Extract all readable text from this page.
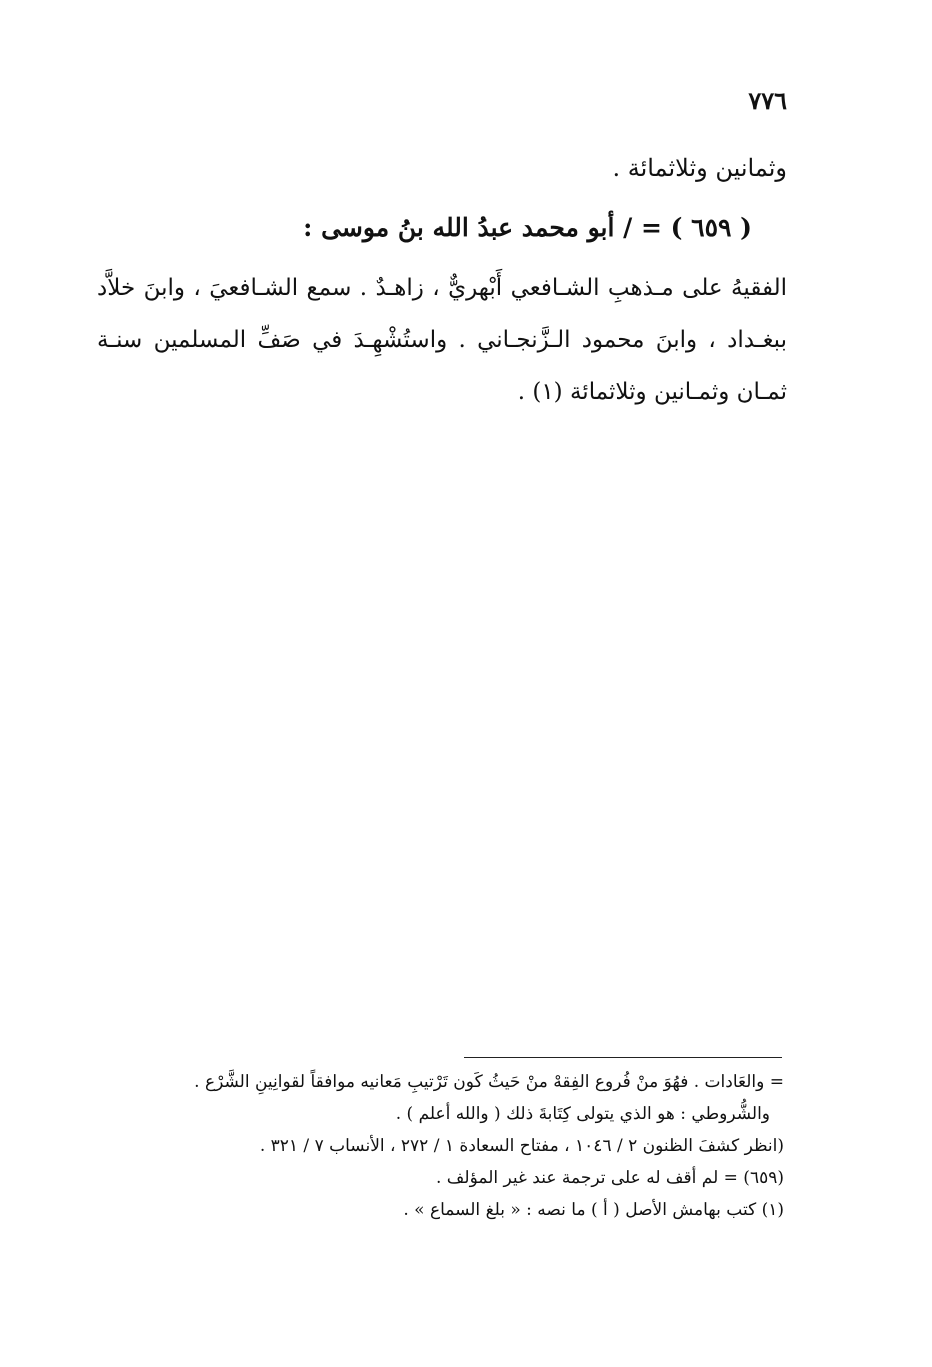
٧٧٦
وثمانين وثلاثمائة .
( ٦٥٩ ) = / أبو محمد عبدُ الله بنُ موسى :
الفقيهُ على مـذهبِ الشـافعي أَبْهريٌّ ، زاهـدٌ . سمع الشـافعيَ ، وابنَ خلاَّد ببغـداد ، وابنَ محمود الـزَّنجـاني . واستُشْهِـدَ في صَفِّ المسلمين سنـة ثمـان وثمـانين وثلاثمائة (١) .
= والعَادات . فهُوَ منْ فُروع الفِقهْ منْ حَيثُ كَون تَرْتيبِ مَعانيه موافقاً لقوانِينِ الشَّرْع .
والشُّروطي : هو الذي يتولى كِتَابةَ ذلك ( والله أعلم ) .
(انظر كشفَ الظنون ٢ / ١٠٤٦ ، مفتاح السعادة ١ / ٢٧٢ ، الأنساب ٧ / ٣٢١ .
(٦٥٩) = لم أقف له على ترجمة عند غير المؤلف .
(١) كتب بهامش الأصل ( أ ) ما نصه : « بلغ السماع » .
